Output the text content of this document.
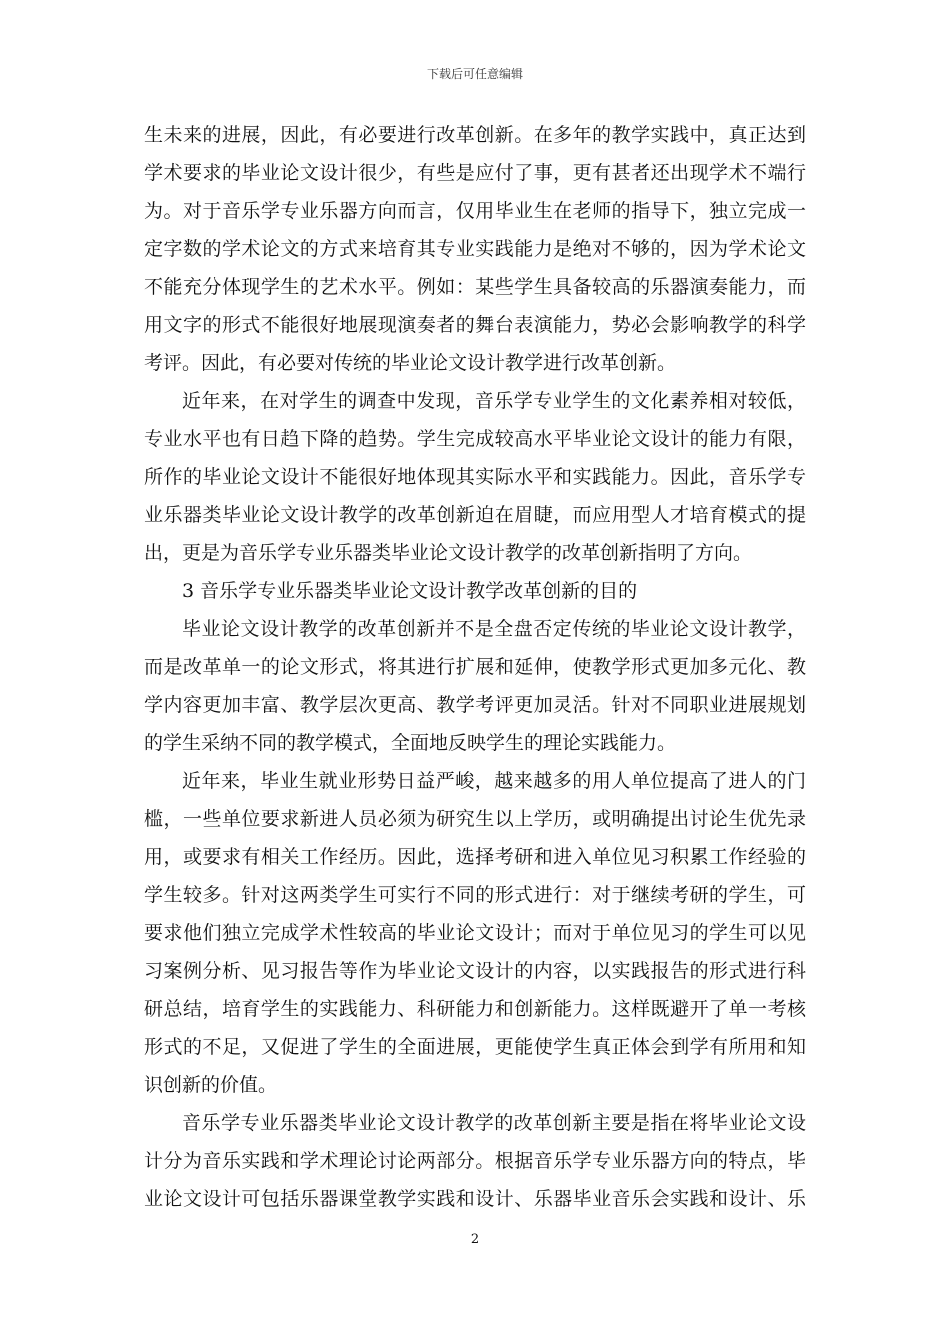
下载后可任意编辑
生未来的进展，因此，有必要进行改革创新。在多年的教学实践中，真正达到
学术要求的毕业论文设计很少，有些是应付了事，更有甚者还出现学术不端行
为。对于音乐学专业乐器方向而言，仅用毕业生在老师的指导下，独立完成一
定字数的学术论文的方式来培育其专业实践能力是绝对不够的，因为学术论文
不能充分体现学生的艺术水平。例如：某些学生具备较高的乐器演奏能力，而
用文字的形式不能很好地展现演奏者的舞台表演能力，势必会影响教学的科学
考评。因此，有必要对传统的毕业论文设计教学进行改革创新。
近年来，在对学生的调查中发现，音乐学专业学生的文化素养相对较低，
专业水平也有日趋下降的趋势。学生完成较高水平毕业论文设计的能力有限，
所作的毕业论文设计不能很好地体现其实际水平和实践能力。因此，音乐学专
业乐器类毕业论文设计教学的改革创新迫在眉睫，而应用型人才培育模式的提
出，更是为音乐学专业乐器类毕业论文设计教学的改革创新指明了方向。
3 音乐学专业乐器类毕业论文设计教学改革创新的目的
毕业论文设计教学的改革创新并不是全盘否定传统的毕业论文设计教学，
而是改革单一的论文形式，将其进行扩展和延伸，使教学形式更加多元化、教
学内容更加丰富、教学层次更高、教学考评更加灵活。针对不同职业进展规划
的学生采纳不同的教学模式，全面地反映学生的理论实践能力。
近年来，毕业生就业形势日益严峻，越来越多的用人单位提高了进人的门
槛，一些单位要求新进人员必须为研究生以上学历，或明确提出讨论生优先录
用，或要求有相关工作经历。因此，选择考研和进入单位见习积累工作经验的
学生较多。针对这两类学生可实行不同的形式进行：对于继续考研的学生，可
要求他们独立完成学术性较高的毕业论文设计；而对于单位见习的学生可以见
习案例分析、见习报告等作为毕业论文设计的内容，以实践报告的形式进行科
研总结，培育学生的实践能力、科研能力和创新能力。这样既避开了单一考核
形式的不足，又促进了学生的全面进展，更能使学生真正体会到学有所用和知
识创新的价值。
音乐学专业乐器类毕业论文设计教学的改革创新主要是指在将毕业论文设
计分为音乐实践和学术理论讨论两部分。根据音乐学专业乐器方向的特点，毕
业论文设计可包括乐器课堂教学实践和设计、乐器毕业音乐会实践和设计、乐
2
